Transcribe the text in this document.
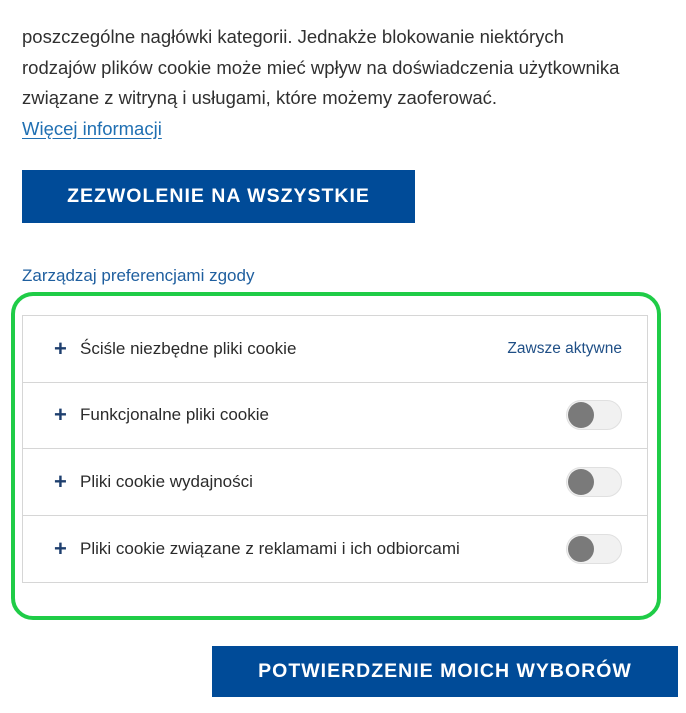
poszczególne nagłówki kategorii. Jednakże blokowanie niektórych
rodzajów plików cookie może mieć wpływ na doświadczenia użytkownika
związane z witryną i usługami, które możemy zaoferować.
Więcej informacji

ZEZWOLENIE NA WSZYSTKIE
Zarządzaj preferencjami zgody
+ Ściśle niezbędne pliki cookie	Zawsze aktywne
+ Funkcjonalne pliki cookie
+ Pliki cookie wydajności
+ Pliki cookie związane z reklamami i ich odbiorcami
POTWIERDZENIE MOICH WYBORÓW
